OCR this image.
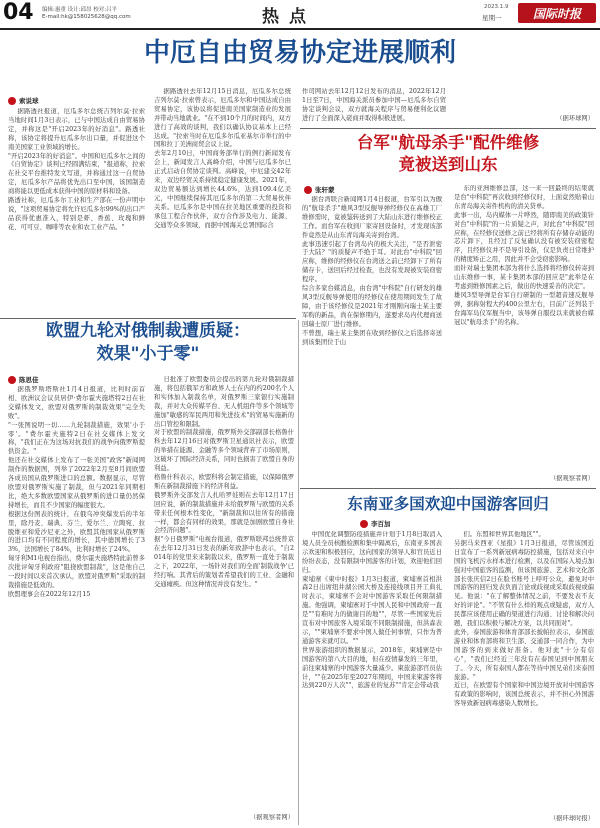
04 编辑:惠重 设计:邱昂 校对:吕平
E-mail:hk@158025628@qq.com	热点	2023.1.9
星期一	国际时报
中厄自由贸易协定进展顺利
索说球
据路透社报道，厄瓜多尔总统吉列尔莫·拉索当地时间1月3日表示，已与中国达成自由贸易协定，并称这是"开启2023年的好消息"。路透社称，该协定将提升厄瓜多尔出口量，并促进这个南美国家工业领域的增长。
"开启2023年的好消息"。中国和厄瓜多尔之间的《自贸协定》谈判已经圆满结束，"报道称，拉索在社交平台推特发文写道，并称通过这一自贸协定，厄瓜多尔产品将优先出口至中国，该国制造商将能以更低成本获得中国的原材料和设备。
路透社称，厄瓜多尔工业和生产部在一份声明中说，"这项贸易协定将允许厄瓜多尔99%的出口产品获得优惠准入，特别是虾、香蕉、玫瑰和鲜花、可可豆、咖啡等农业和农工业产品。"
据路透社去年12月15日消息，厄瓜多尔总统吉列尔莫·拉索曾表示，厄瓜多尔和中国达成自由贸易协定，该协议将促进南美国家制造业的发展并带动当地就业。"在不到10个月的时间内，双方进行了高效的谈判，我们以确认协议基本上已经达成。"拉索当时在厄瓜多尔瓜亚基尔市举行的中国和拉丁美洲商贸会议上说。
去年2月10日，中国商务部举行的例行新闻发布会上，新闻发言人高峰介绍，中国与厄瓜多尔已正式启动自贸协定谈判。高峰说，中厄建交42年来，双边经贸关系持续稳定健康发展。2021年，双边贸易额达到增长44.6%，达到109.4亿美元，中国继续保持其厄瓜多尔的第二大贸易伙伴关系。厄瓜多尔是中国在拉美地区重要的投资和承包工程合作伙伴，双方合作涉及电力、能源、交通等众多领域，而据中国海关总署国际合
作司网站去年12月12日发布的消息，2022年12月1日至7日，中国海关派员参加中国—厄瓜多尔自贸协定谈判会议，双方就海关程序与贸易便利化议题进行了全面深入磋商并取得积极进展。	（据环球网）
台军"航母杀手"配件维修
竟被送到山东
张轩蒙
据台湾联合新闻网1月4日报道，台军引以为傲的"航母杀手"雄风3型反舰导弹经修仅在高雄工厂维修需时，竟被鉴转送到了大陆山东进行维修校正工作。而台军在收到厂家寄回设备时，才发现该部件竟然是从山东青岛海关寄到台湾。
此事迅速引起了台湾岛内的极大关注，"是否泄密于大陆？"的质疑声不绝于耳。对此台"中科院"回应称，维修的经修仪在台湾送之前已经卸下了所有储存卡，送回后经过检查，也没有发现被安装窃密程序。
综合多家台媒消息，由台湾"中科院"自行研发的雄风3型反舰导弹使用的经修仪在使用期间发生了故障，由于该经修仪是2021年才刚刚向瑞士某主要军购的新品，尚在保修期内，遂要求岛内代理商送回瑞士原厂进行维修。
不曾想，瑞士某主集团在收到经修仪之后选择寄送到该集团位于山
东的亚洲维修总部，这一来一回最终的结果就是台"中科院"再次收到经修仪时，上面竟然贴着山东青岛海关寄件机构的清关贷单。
此事一出，岛内媒体一片哗然，随即南美的政策针对台"中科院"的一片质疑之声，对此台"中科院"回应称，在经修仪送修之前已经将所有存储存动能的芯片卸下，且经过了反复确认没有被安装窃密程序，且经修仪并不是导引设备，仅是负责日常维护的精度矫正之用，因此并不会受窃密影响。
而针对瑞士集团本部为将什么选择将经修仪转寄到山东维修一事，某卡集团本部的回应是"此举是在考虑到维修国素之后，做出的快速妥善的决定"。
雄风3型导弹是台军自行研制的一型超音速反舰导弹，据称射程大约400公里左右，目前广泛列装于台海军岛仪军舰当中，该导弹自服役以来就被台媒冠以"航母杀手"的名称。
（据观察者网）
欧盟九轮对俄制裁遭质疑：
效果"小于零"
陈思佳
据俄罗斯塔斯社1月4日报道，比利时前首相、欧洲议会议员居伊·费尔霍夫施塔特2日在社交媒体发文，欧盟对俄罗斯的制裁效果"完全失败"。
"一张图说明一切……九轮制裁措施，效果'小于零'。"费尔霍夫施特2日在社交媒体上发文称，"我们正在为这场对抗我们的战争向俄罗斯提供资金。"
他还在社交媒体上发布了一张美国"政客"新闻网制作的数据图，列举了2022年2月至8月间欧盟各成员国从俄罗斯进口的总额。数据显示，尽管欧盟对俄罗斯实施了制裁，但与2021年同期相比，绝大多数欧盟国家从俄罗斯的进口量仍然保持增长，而且不少国家的幅度很大。
根据这份图表的统计，在俄乌冲突爆发后的半年里，除丹麦、瑞典、芬兰、爱尔兰、立陶宛、拉脱维亚和爱沙尼亚之外，欧盟其他国家从俄罗斯的进口均有不同程度的增长，其中德国增长了33%，法国增长了84%，比利时增长了24%。
匈牙利M1电视台指出，费尔霍夫施塔特此前曾多次批评匈牙利政府"阻挠欧盟制裁"，这是他自己一段时间以来首次承认，欧盟对俄罗斯"采取的制裁措施是低效的。
欧盟理事会在2022年12月15
日批准了欧盟委员会提出的第九轮对俄制裁措施，将包括俄军方和政界人士在内的约200名个人和实体加入制裁名单，对俄罗斯三家银行实施制裁，并对大众传媒平台、无人机组件等多个领域等施加"敏感的军民两用和先进技术"的贸易实施新的出口管控和限制。
对于欧盟的制裁措施，俄罗斯外交部副部长格鲁什科去年12月16日对俄罗斯卫星通讯社表示，欧盟的举措在能源、金融等多个领域背弃了市场原则，这破坏了国际经济关系，同时也损害了欧盟自身的利益。
格鲁什科表示，欧盟科将会制定措施，以保障俄罗斯在新制裁措施下的经济利益。
俄罗斯外交部发言人扎哈罗娃则在去年12月17日回应说，新的制裁措施并未给俄罗斯与欧盟的关系带来任何根本性变化，"新制裁和以往所有的措施一样，都会有同样的效果，那就是加剧欧盟自身社会经济问题"。
据"今日俄罗斯"电视台报道，俄罗斯联邦总统普京在去年12月31日发表的新年致辞中也表示，"自2014年的党里来来制裁以来，俄罗斯一直处于制裁之下，2022年，一场针对我们的全面'制裁战争'已经打响。其背后的策划者希望我们的工业、金融和交通瘫痪。但这种情况并没有发生。"
（据观察者网）
东南亚多国欢迎中国游客回归
李百加
中国优化调整防疫措施并计划于1月8日取消入境人员全员核酸检测和集中隔离后，东南亚多国表示欢迎和积极回应，这向国家的领导人和官员近日纷纷表态，没有限制中国游客的计划，欢迎他们回归。
柬埔寨《柬中时报》1月3日报道，柬埔寨首相洪森2日出席纽井湖公园大桥及连接线项目开工典礼时表示，柬埔寨不会对中国游客采取任何限制措施。他强调，柬埔寨对于中国人民和中国政府一直是""有难时力的做谢目的地""，尽管一些国家先后宣布对中国旅客入境采取不同限制措施，但洪森表示，""柬埔寨不要求中国人做任何事情，只作为普通游客来就可以。""
世界旅游组织的数据显示，2018年，柬埔寨是中国游客的第八大目的地，但在疫情暴发的三年里，前往柬埔寨的中国游客大量减少。柬旅游部官员估计，""在2025年至2027年期间，中国来柬游客将达到220万人次""，旅游业的复苏""肯定会带动我
们。东盟和世界其他地区""。
另据马来西亚《星报》1月3日报道，尽管该国近日宣布了一系列新冠病毒防控措施，包括对来自中国的飞机污水样本进行检测，以及在国际入境点加强对中国旅客的监测，但该国旅游、艺术和文化部部长张庆信2日在脸书账号上呼吁公众，避免对中国游客的回归发表负面言论或歧视或采取歧视或偏见。他说："在了解整体情况之前，不要发表不友好的评论"。"不管有什么样的观点或疑虑，双方人民都应该使用正确的渠道进行沟通、讨论和解决问题，我们以积极与解决方案，以共同面对"。
此外，泰国旅游和体育部部长披帕拉表示，泰国旅游业和体育部将和卫生部、交通部一同合作，为中国游客的到来做好准备。他对此"十分有信心"，"我们已经近三年没有在泰国见到中国朋友了。今天，所有泰国人都在等待中国兄弟们来泰国旅游。"
近日，在欧盟有个国家和中国边境开放对中国游客有政策的影响时，该国总统表示，并不担心外国游客导致新冠病毒感染人数增长。
（据环球时报）
